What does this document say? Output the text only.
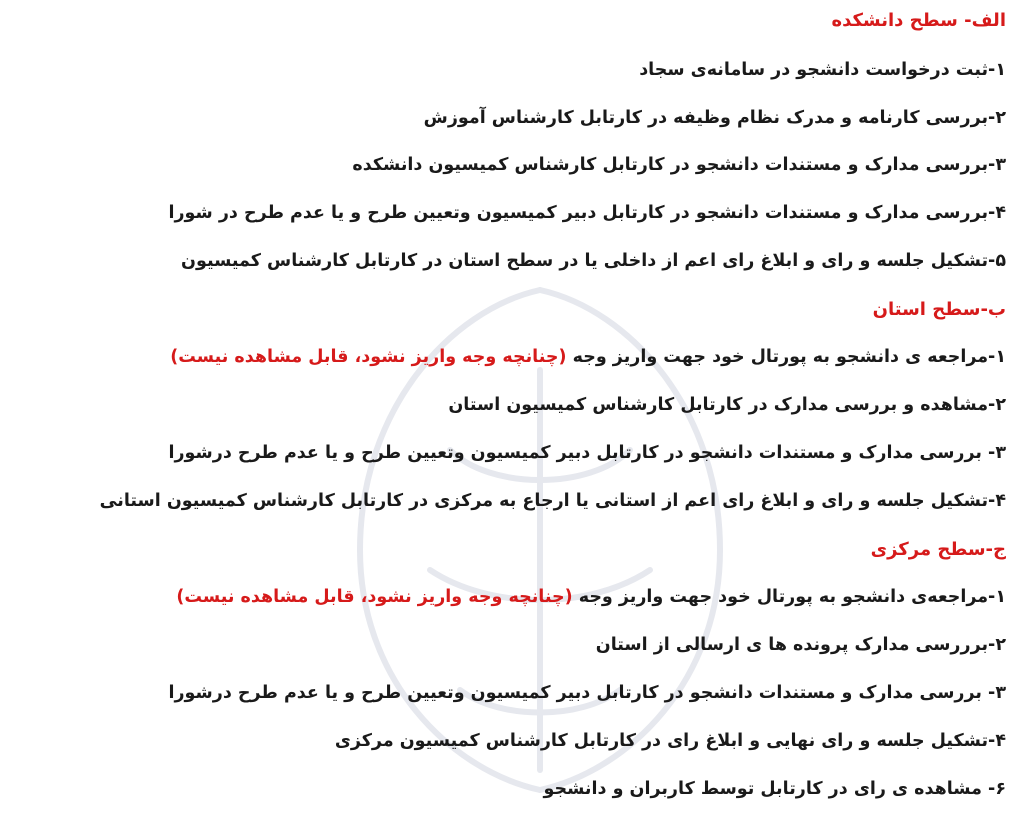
الف- سطح دانشکده
۱-ثبت درخواست دانشجو در سامانه‌ی سجاد
۲-بررسی کارنامه و مدرک نظام وظیفه در کارتابل کارشناس آموزش
۳-بررسی مدارک و مستندات دانشجو در کارتابل کارشناس کمیسیون دانشکده
۴-بررسی مدارک و مستندات دانشجو در کارتابل دبیر کمیسیون وتعیین طرح و یا عدم طرح در شورا
۵-تشکیل جلسه و رای و ابلاغ رای اعم از داخلی یا در سطح استان در کارتابل کارشناس کمیسیون
ب-سطح استان
۱-مراجعه ی دانشجو به پورتال خود جهت واریز وجه (چنانچه وجه واریز نشود، قابل مشاهده نیست)
۲-مشاهده و بررسی مدارک در کارتابل کارشناس کمیسیون استان
۳- بررسی مدارک و مستندات دانشجو در کارتابل دبیر کمیسیون وتعیین طرح و یا عدم طرح درشورا
۴-تشکیل جلسه و رای و ابلاغ رای اعم از استانی یا ارجاع به مرکزی در کارتابل کارشناس کمیسیون استانی
ج-سطح مرکزی
۱-مراجعه‌ی دانشجو به پورتال خود جهت واریز وجه (چنانچه وجه واریز نشود، قابل مشاهده نیست)
۲-برررسی مدارک پرونده ها ی ارسالی از استان
۳- بررسی مدارک و مستندات دانشجو در کارتابل دبیر کمیسیون وتعیین طرح و یا عدم طرح درشورا
۴-تشکیل جلسه و رای نهایی و ابلاغ رای در کارتابل کارشناس کمیسیون مرکزی
۶- مشاهده ی رای در کارتابل توسط کاربران و دانشجو
